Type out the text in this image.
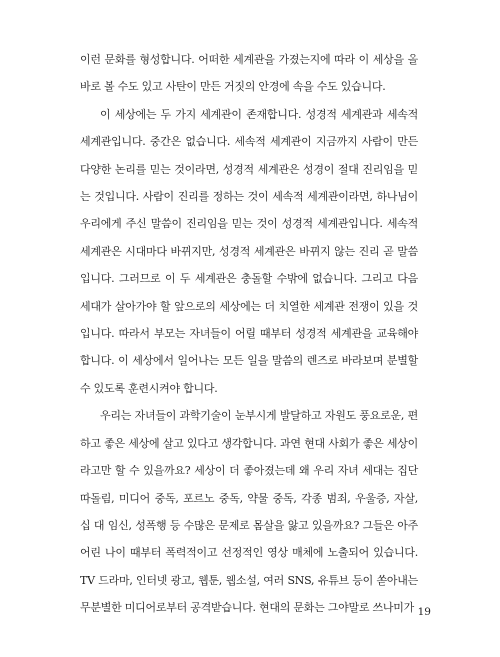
이런 문화를 형성합니다. 어떠한 세계관을 가졌는지에 따라 이 세상을 올바로 볼 수도 있고 사탄이 만든 거짓의 안경에 속을 수도 있습니다.

이 세상에는 두 가지 세계관이 존재합니다. 성경적 세계관과 세속적 세계관입니다. 중간은 없습니다. 세속적 세계관이 지금까지 사람이 만든 다양한 논리를 믿는 것이라면, 성경적 세계관은 성경이 절대 진리임을 믿는 것입니다. 사람이 진리를 정하는 것이 세속적 세계관이라면, 하나님이 우리에게 주신 말씀이 진리임을 믿는 것이 성경적 세계관입니다. 세속적 세계관은 시대마다 바뀌지만, 성경적 세계관은 바뀌지 않는 진리 곧 말씀입니다. 그러므로 이 두 세계관은 충돌할 수밖에 없습니다. 그리고 다음 세대가 살아가야 할 앞으로의 세상에는 더 치열한 세계관 전쟁이 있을 것입니다. 따라서 부모는 자녀들이 어릴 때부터 성경적 세계관을 교육해야 합니다. 이 세상에서 일어나는 모든 일을 말씀의 렌즈로 바라보며 분별할 수 있도록 훈련시켜야 합니다.

우리는 자녀들이 과학기술이 눈부시게 발달하고 자원도 풍요로운, 편하고 좋은 세상에 살고 있다고 생각합니다. 과연 현대 사회가 좋은 세상이라고만 할 수 있을까요? 세상이 더 좋아졌는데 왜 우리 자녀 세대는 집단 따돌림, 미디어 중독, 포르노 중독, 약물 중독, 각종 범죄, 우울증, 자살, 십 대 임신, 성폭행 등 수많은 문제로 몸살을 앓고 있을까요? 그들은 아주 어린 나이 때부터 폭력적이고 선정적인 영상 매체에 노출되어 있습니다. TV 드라마, 인터넷 광고, 웹툰, 웹소설, 여러 SNS, 유튜브 등이 쏟아내는 무분별한 미디어로부터 공격받습니다. 현대의 문화는 그야말로 쓰나미가 19
